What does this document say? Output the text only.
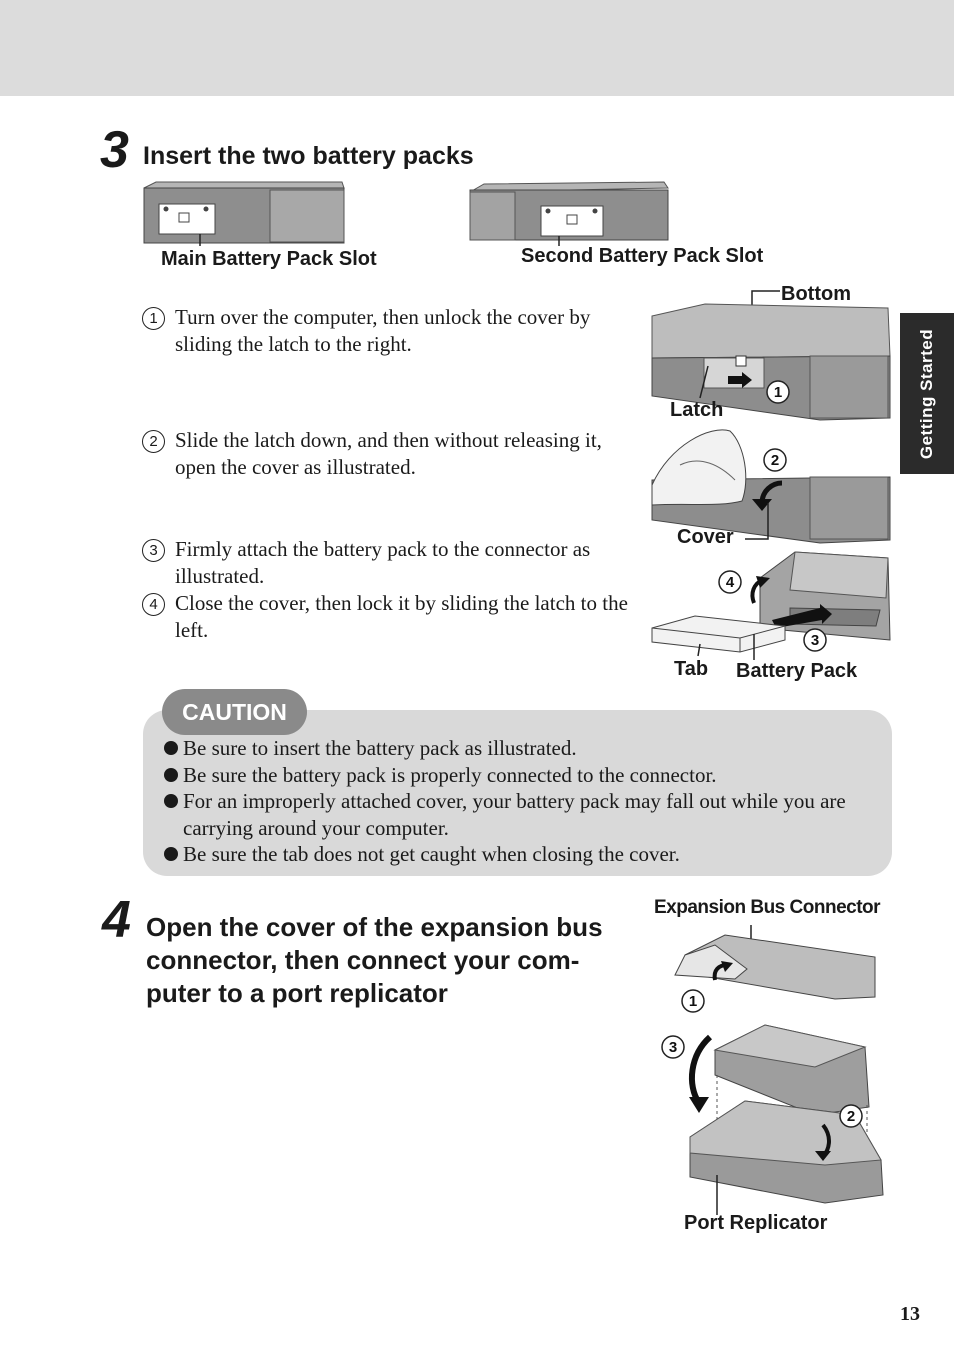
Getting Started
3 Insert the two battery packs
Main Battery Pack Slot	Second Battery Pack Slot
1 Turn over the computer, then unlock the cover by sliding the latch to the right.
2 Slide the latch down, and then without releasing it, open the cover as illustrated.
3 Firmly attach the battery pack to the connector as illustrated.
4 Close the cover, then lock it by sliding the latch to the left.
Bottom
1
Latch
2
Cover
4
3
Tab Battery Pack
CAUTION
Be sure to insert the battery pack as illustrated.
Be sure the battery pack is properly connected to the connector.
For an improperly attached cover, your battery pack may fall out while you are carrying around your computer.
Be sure the tab does not get caught when closing the cover.
4 Open the cover of the expansion bus
connector, then connect your com-
puter to a port replicator
Expansion Bus Connector
1
3
2
Port Replicator
13
